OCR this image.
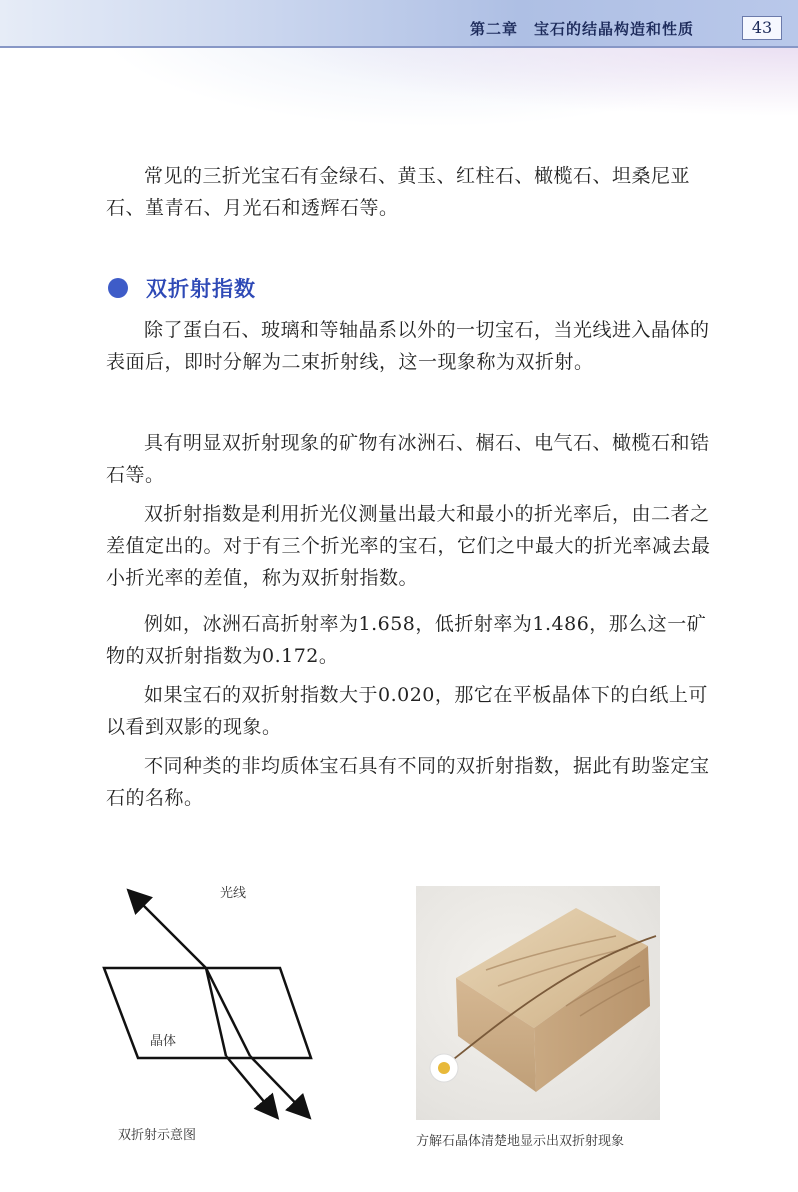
第二章　宝石的结晶构造和性质	43

常见的三折光宝石有金绿石、黄玉、红柱石、橄榄石、坦桑尼亚石、堇青石、月光石和透辉石等。

双折射指数

除了蛋白石、玻璃和等轴晶系以外的一切宝石，当光线进入晶体的表面后，即时分解为二束折射线，这一现象称为双折射。

具有明显双折射现象的矿物有冰洲石、榍石、电气石、橄榄石和锆石等。

双折射指数是利用折光仪测量出最大和最小的折光率后，由二者之差值定出的。对于有三个折光率的宝石，它们之中最大的折光率减去最小折光率的差值，称为双折射指数。

例如，冰洲石高折射率为1.658，低折射率为1.486，那么这一矿物的双折射指数为0.172。

如果宝石的双折射指数大于0.020，那它在平板晶体下的白纸上可以看到双影的现象。

不同种类的非均质体宝石具有不同的双折射指数，据此有助鉴定宝石的名称。

光线
晶体
双折射示意图	方解石晶体清楚地显示出双折射现象
